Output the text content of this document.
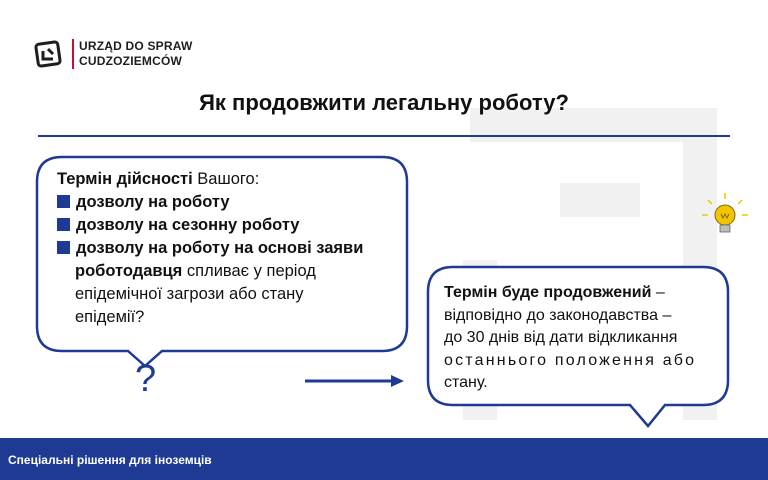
URZĄD DO SPRAW
CUDZOZIEMCÓW
Як продовжити легальну роботу?
Термін дійсності Вашого:
дозволу на роботу
дозволу на сезонну роботу
дозволу на роботу на основі заяви
роботодавця спливає у період
епідемічної загрози або стану
епідемії?
?
Термін буде продовжений –
відповідно до законодавства –
до 30 днів від дати відкликання
останнього положення або
стану.
Спеціальні рішення для іноземців
